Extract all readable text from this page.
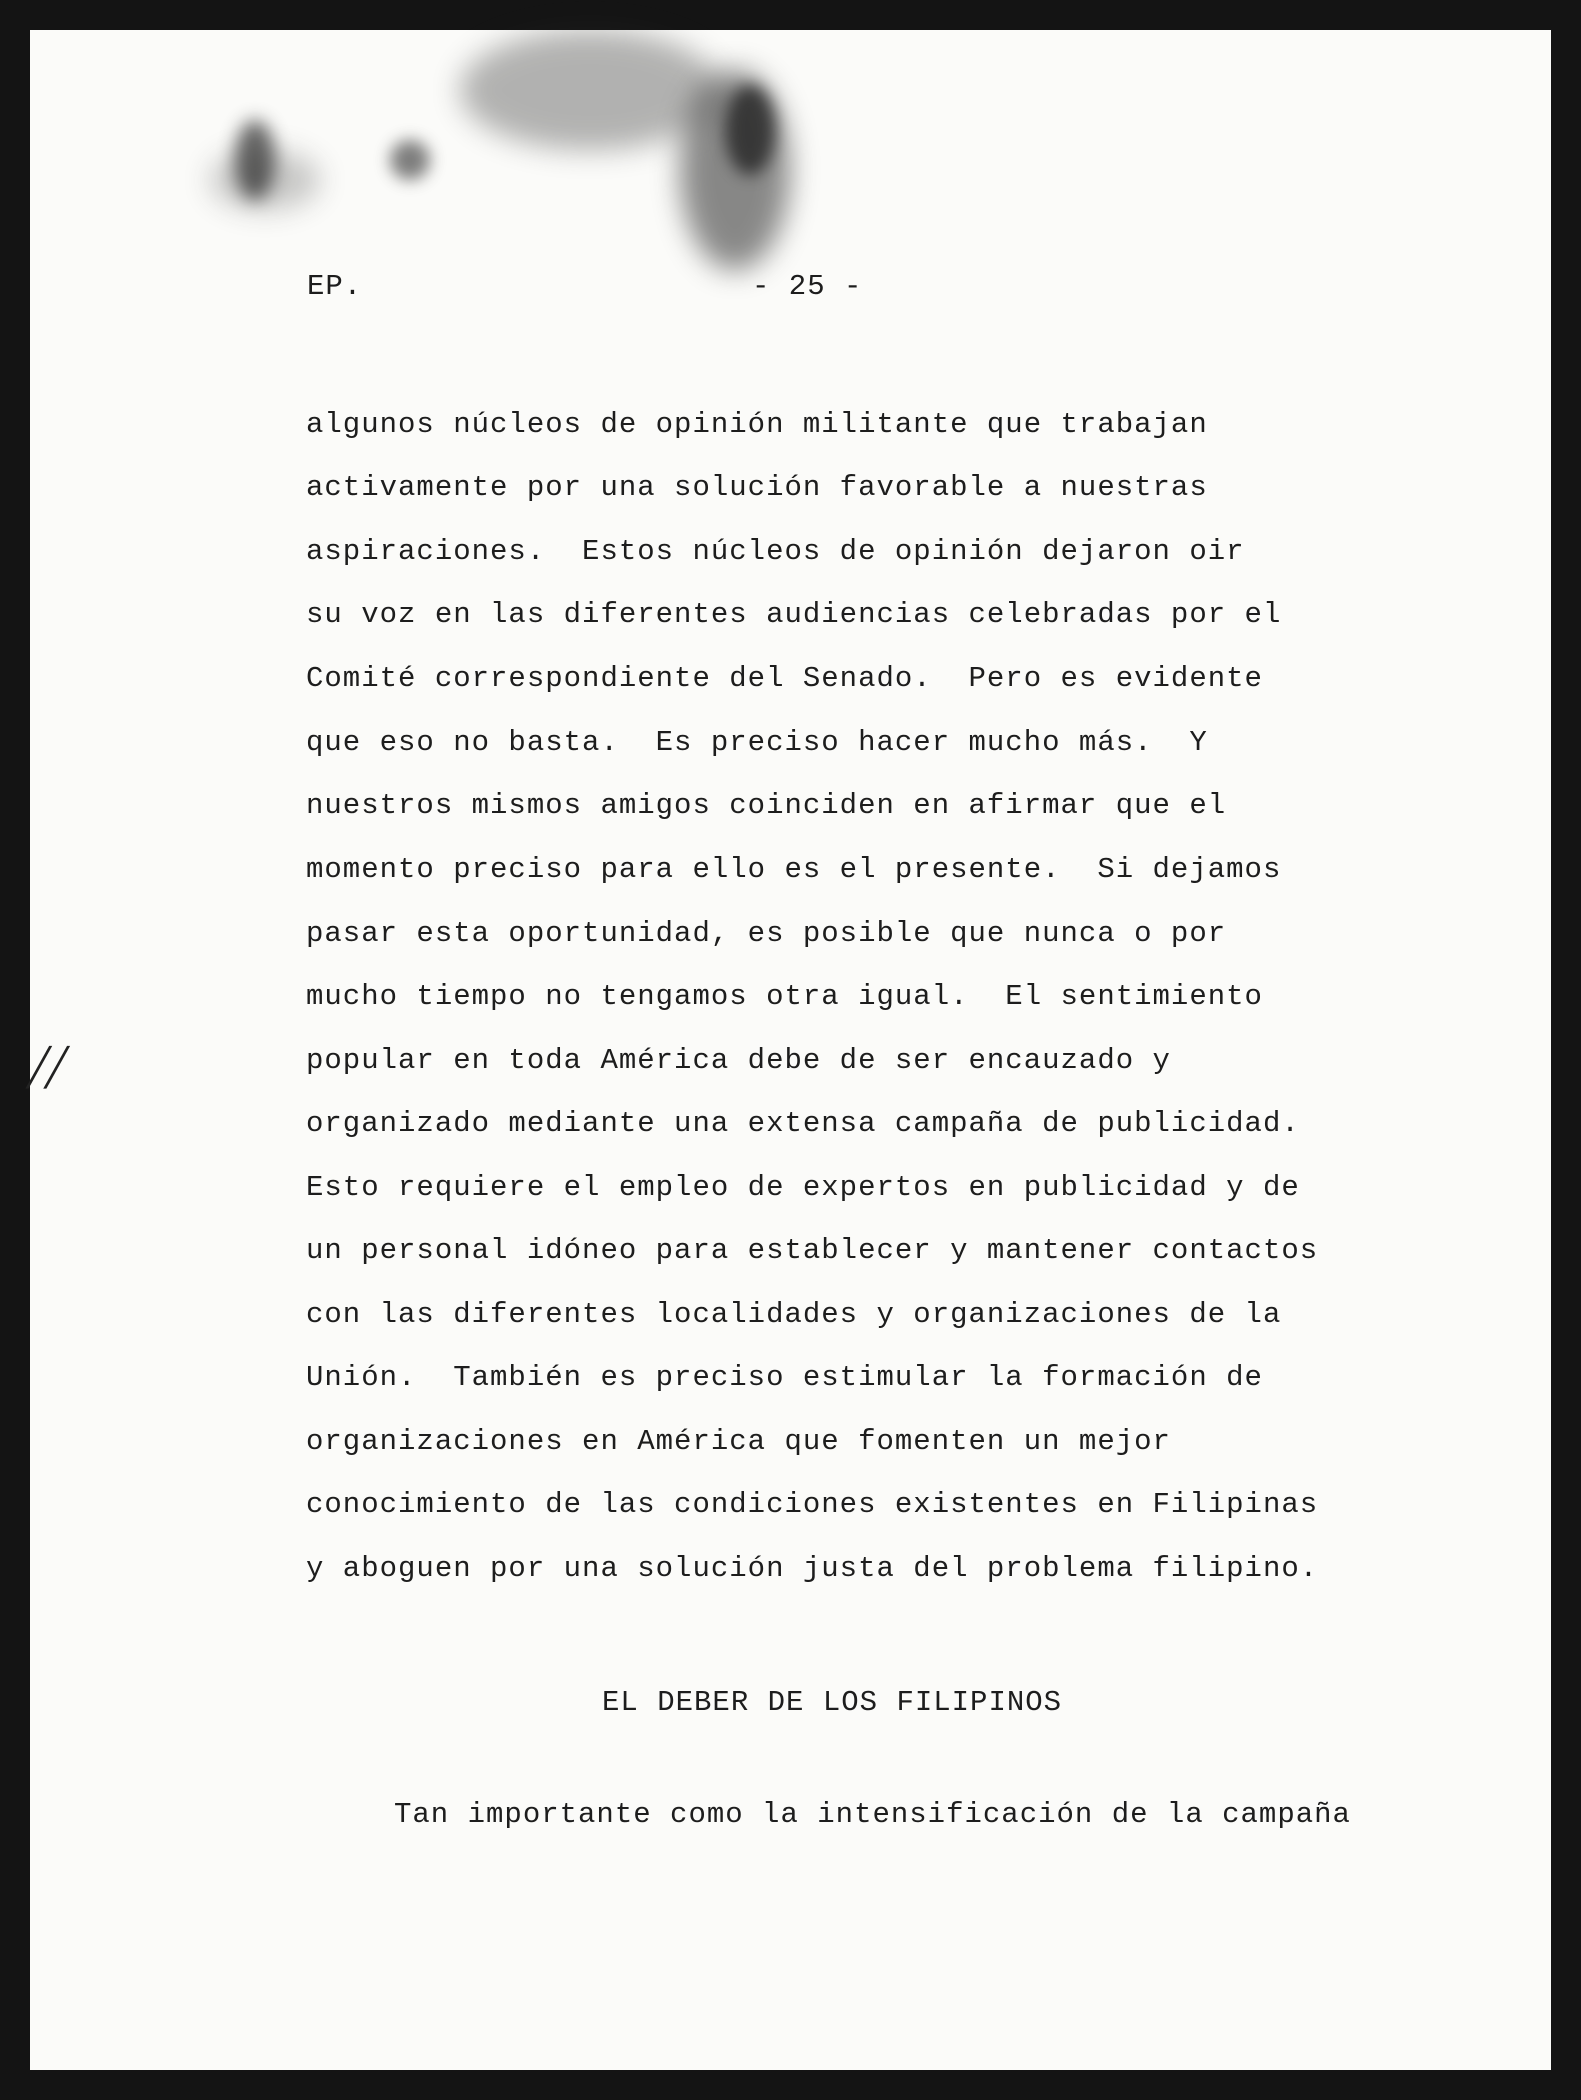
EP.	- 25 -
algunos núcleos de opinión militante que trabajan
activamente por una solución favorable a nuestras
aspiraciones.  Estos núcleos de opinión dejaron oir
su voz en las diferentes audiencias celebradas por el
Comité correspondiente del Senado.  Pero es evidente
que eso no basta.  Es preciso hacer mucho más.  Y
nuestros mismos amigos coinciden en afirmar que el
momento preciso para ello es el presente.  Si dejamos
pasar esta oportunidad, es posible que nunca o por
mucho tiempo no tengamos otra igual.  El sentimiento
popular en toda América debe de ser encauzado y
organizado mediante una extensa campaña de publicidad.
Esto requiere el empleo de expertos en publicidad y de
un personal idóneo para establecer y mantener contactos
con las diferentes localidades y organizaciones de la
Unión.  También es preciso estimular la formación de
organizaciones en América que fomenten un mejor
conocimiento de las condiciones existentes en Filipinas
y aboguen por una solución justa del problema filipino.
EL DEBER DE LOS FILIPINOS
Tan importante como la intensificación de la campaña
//
